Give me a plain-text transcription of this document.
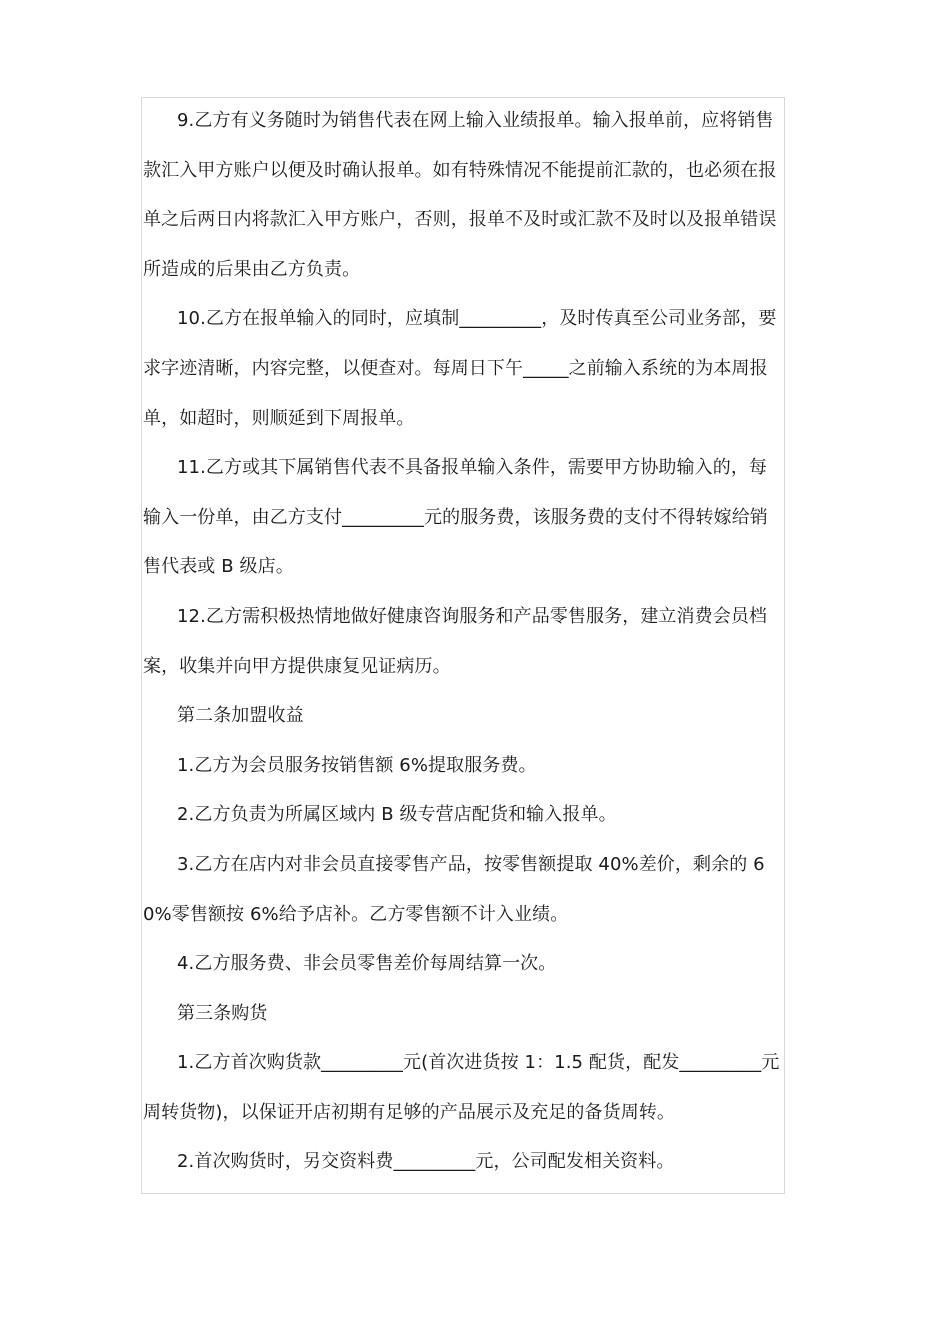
9.乙方有义务随时为销售代表在网上输入业绩报单。输入报单前，应将销售款汇入甲方账户以便及时确认报单。如有特殊情况不能提前汇款的，也必须在报单之后两日内将款汇入甲方账户，否则，报单不及时或汇款不及时以及报单错误所造成的后果由乙方负责。

10.乙方在报单输入的同时，应填制_________，及时传真至公司业务部，要求字迹清晰，内容完整，以便查对。每周日下午_____之前输入系统的为本周报单，如超时，则顺延到下周报单。

11.乙方或其下属销售代表不具备报单输入条件，需要甲方协助输入的，每输入一份单，由乙方支付_________元的服务费，该服务费的支付不得转嫁给销售代表或 B 级店。

12.乙方需积极热情地做好健康咨询服务和产品零售服务，建立消费会员档案，收集并向甲方提供康复见证病历。

第二条加盟收益

1.乙方为会员服务按销售额 6%提取服务费。

2.乙方负责为所属区域内 B 级专营店配货和输入报单。

3.乙方在店内对非会员直接零售产品，按零售额提取 40%差价，剩余的 60%零售额按 6%给予店补。乙方零售额不计入业绩。

4.乙方服务费、非会员零售差价每周结算一次。

第三条购货

1.乙方首次购货款_________元(首次进货按 1：1.5 配货，配发_________元周转货物)，以保证开店初期有足够的产品展示及充足的备货周转。

2.首次购货时，另交资料费_________元，公司配发相关资料。
